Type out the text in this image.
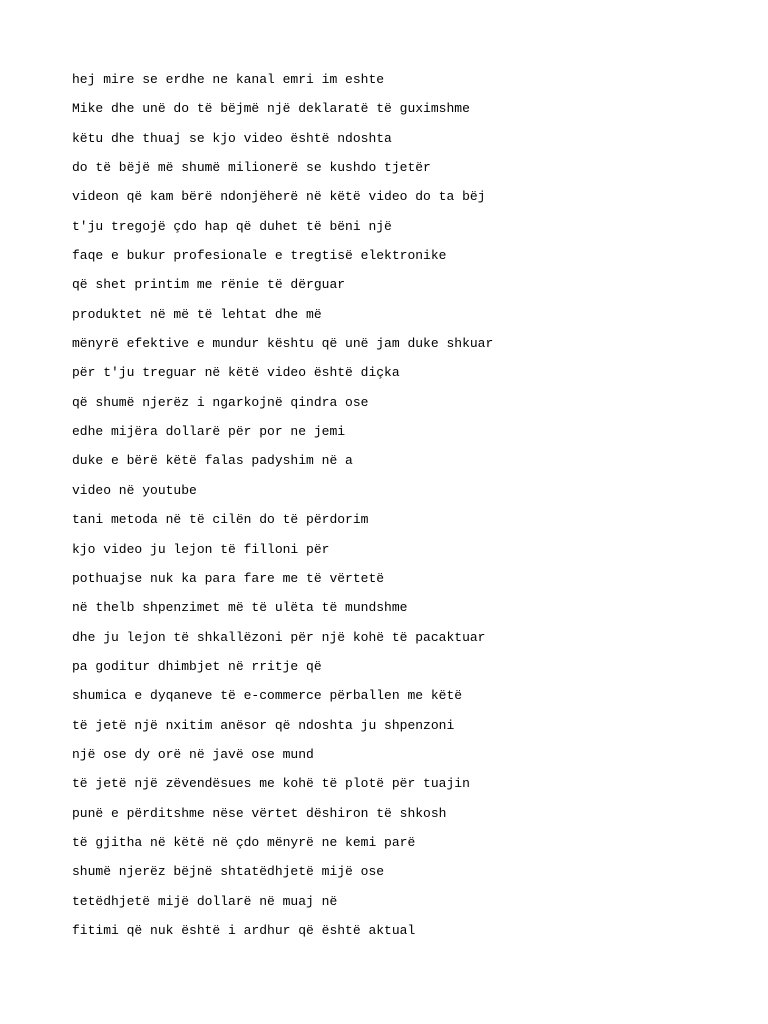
hej mire se erdhe ne kanal emri im eshte
Mike dhe unë do të bëjmë një deklaratë të guximshme
këtu dhe thuaj se kjo video është ndoshta
do të bëjë më shumë milionerë se kushdo tjetër
videon që kam bërë ndonjëherë në këtë video do ta bëj
t'ju tregojë çdo hap që duhet të bëni një
faqe e bukur profesionale e tregtisë elektronike
që shet printim me rënie të dërguar
produktet në më të lehtat dhe më
mënyrë efektive e mundur kështu që unë jam duke shkuar
për t'ju treguar në këtë video është diçka
që shumë njerëz i ngarkojnë qindra ose
edhe mijëra dollarë për por ne jemi
duke e bërë këtë falas padyshim në a
video në youtube
tani metoda në të cilën do të përdorim
kjo video ju lejon të filloni për
pothuajse nuk ka para fare me të vërtetë
në thelb shpenzimet më të ulëta të mundshme
dhe ju lejon të shkallëzoni për një kohë të pacaktuar
pa goditur dhimbjet në rritje që
shumica e dyqaneve të e-commerce përballen me këtë
të jetë një nxitim anësor që ndoshta ju shpenzoni
një ose dy orë në javë ose mund
të jetë një zëvendësues me kohë të plotë për tuajin
punë e përditshme nëse vërtet dëshiron të shkosh
të gjitha në këtë në çdo mënyrë ne kemi parë
shumë njerëz bëjnë shtatëdhjetë mijë ose
tetëdhjetë mijë dollarë në muaj në
fitimi që nuk është i ardhur që është aktual
